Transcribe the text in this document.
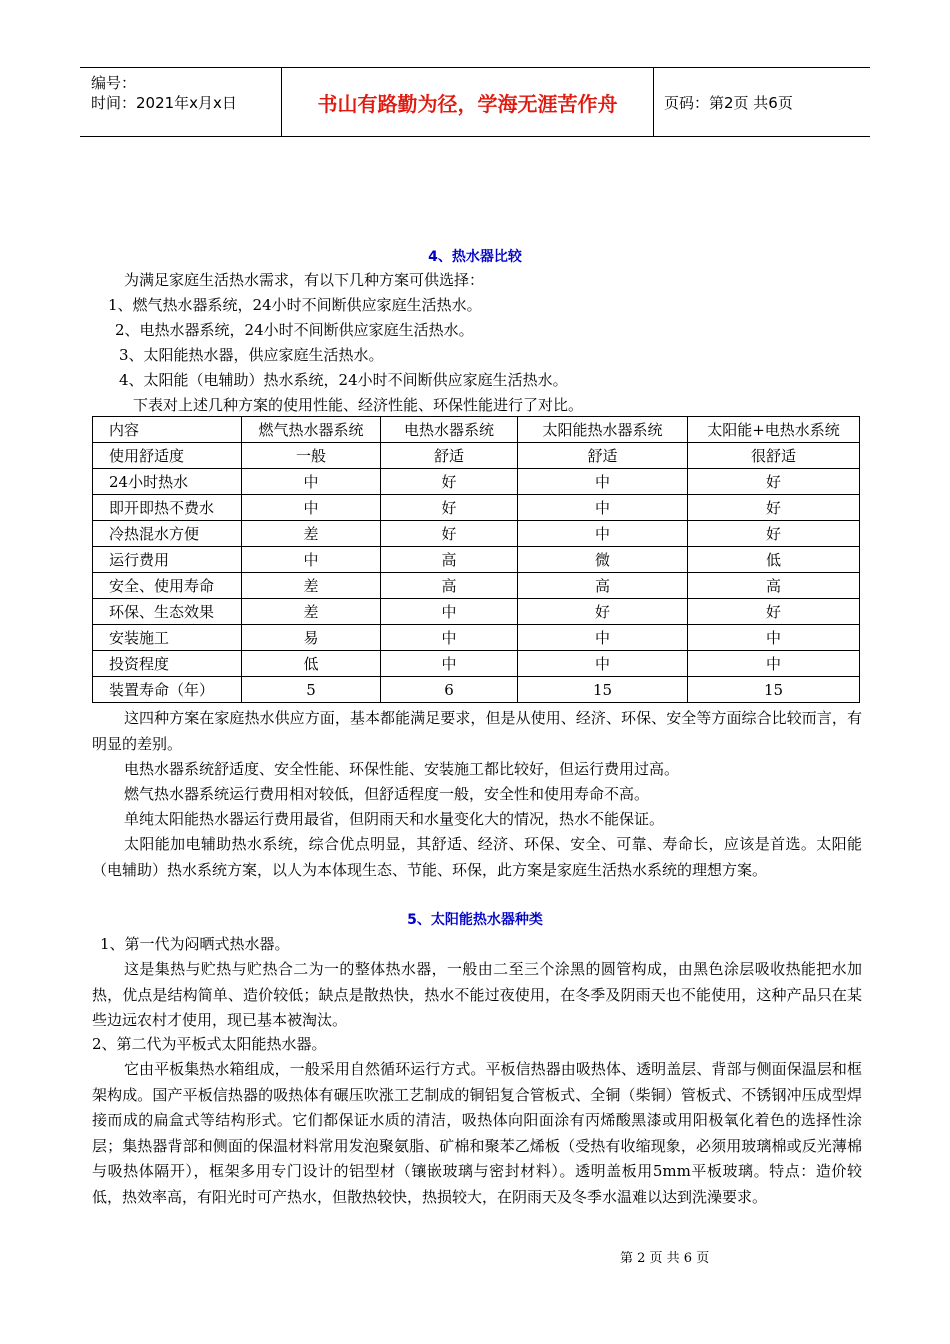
编号：
时间：2021年x月x日	书山有路勤为径，学海无涯苦作舟	页码：第2页 共6页
4、热水器比较
为满足家庭生活热水需求，有以下几种方案可供选择：
1、燃气热水器系统，24小时不间断供应家庭生活热水。
2、电热水器系统，24小时不间断供应家庭生活热水。
3、太阳能热水器，供应家庭生活热水。
4、太阳能（电辅助）热水系统，24小时不间断供应家庭生活热水。
下表对上述几种方案的使用性能、经济性能、环保性能进行了对比。
内容	燃气热水器系统	电热水器系统	太阳能热水器系统	太阳能+电热水系统
使用舒适度	一般	舒适	舒适	很舒适
24小时热水	中	好	中	好
即开即热不费水	中	好	中	好
冷热混水方便	差	好	中	好
运行费用	中	高	微	低
安全、使用寿命	差	高	高	高
环保、生态效果	差	中	好	好
安装施工	易	中	中	中
投资程度	低	中	中	中
装置寿命（年）	5	6	15	15
这四种方案在家庭热水供应方面，基本都能满足要求，但是从使用、经济、环保、安全等方面综合比较而言，有明显的差别。
电热水器系统舒适度、安全性能、环保性能、安装施工都比较好，但运行费用过高。
燃气热水器系统运行费用相对较低，但舒适程度一般，安全性和使用寿命不高。
单纯太阳能热水器运行费用最省，但阴雨天和水量变化大的情况，热水不能保证。
太阳能加电辅助热水系统，综合优点明显，其舒适、经济、环保、安全、可靠、寿命长，应该是首选。太阳能（电辅助）热水系统方案，以人为本体现生态、节能、环保，此方案是家庭生活热水系统的理想方案。
5、太阳能热水器种类
1、第一代为闷晒式热水器。
这是集热与贮热与贮热合二为一的整体热水器，一般由二至三个涂黑的圆管构成，由黑色涂层吸收热能把水加热，优点是结构简单、造价较低；缺点是散热快，热水不能过夜使用，在冬季及阴雨天也不能使用，这种产品只在某些边远农村才使用，现已基本被淘汰。
2、第二代为平板式太阳能热水器。
它由平板集热水箱组成，一般采用自然循环运行方式。平板信热器由吸热体、透明盖层、背部与侧面保温层和框架构成。国产平板信热器的吸热体有碾压吹涨工艺制成的铜铝复合管板式、全铜（柴铜）管板式、不锈钢冲压成型焊接而成的扁盒式等结构形式。它们都保证水质的清洁，吸热体向阳面涂有丙烯酸黑漆或用阳极氧化着色的选择性涂层；集热器背部和侧面的保温材料常用发泡聚氨脂、矿棉和聚苯乙烯板（受热有收缩现象，必须用玻璃棉或反光薄棉与吸热体隔开），框架多用专门设计的铝型材（镶嵌玻璃与密封材料）。透明盖板用5mm平板玻璃。特点：造价较低，热效率高，有阳光时可产热水，但散热较快，热损较大，在阴雨天及冬季水温难以达到洗澡要求。
第 2 页 共 6 页
